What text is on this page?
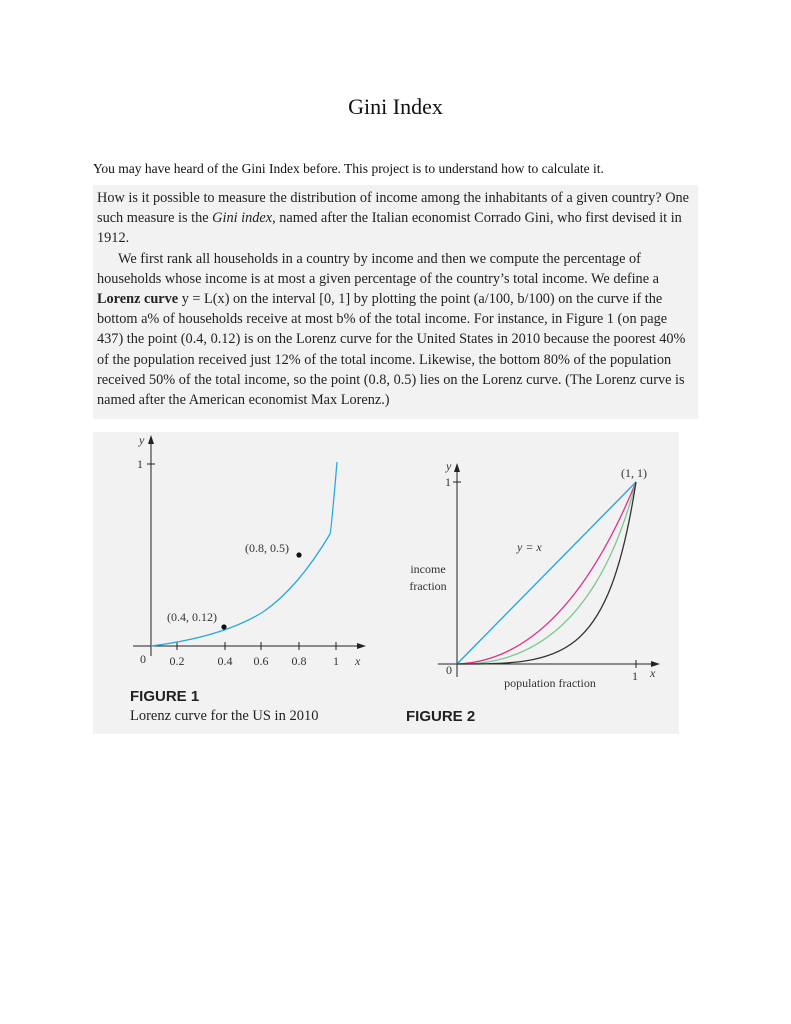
Gini Index
You may have heard of the Gini Index before. This project is to understand how to calculate it.

How is it possible to measure the distribution of income among the inhabitants of a given country? One such measure is the Gini index, named after the Italian economist Corrado Gini, who first devised it in 1912.

We first rank all households in a country by income and then we compute the percentage of households whose income is at most a given percentage of the country’s total income. We define a Lorenz curve y = L(x) on the interval [0, 1] by plotting the point (a/100, b/100) on the curve if the bottom a% of households receive at most b% of the total income. For instance, in Figure 1 (on page 437) the point (0.4, 0.12) is on the Lorenz curve for the United States in 2010 because the poorest 40% of the population received just 12% of the total income. Likewise, the bottom 80% of the population received 50% of the total income, so the point (0.8, 0.5) lies on the Lorenz curve. (The Lorenz curve is named after the American economist Max Lorenz.)

y
1
0	x
0.2	0.4 0.6 0.8 1
(0.4, 0.12)
(0.8, 0.5)
FIGURE 1
Lorenz curve for the US in 2010
y
1
0	1 x
income
fraction
population fraction
(1, 1)
y = x
FIGURE 2
